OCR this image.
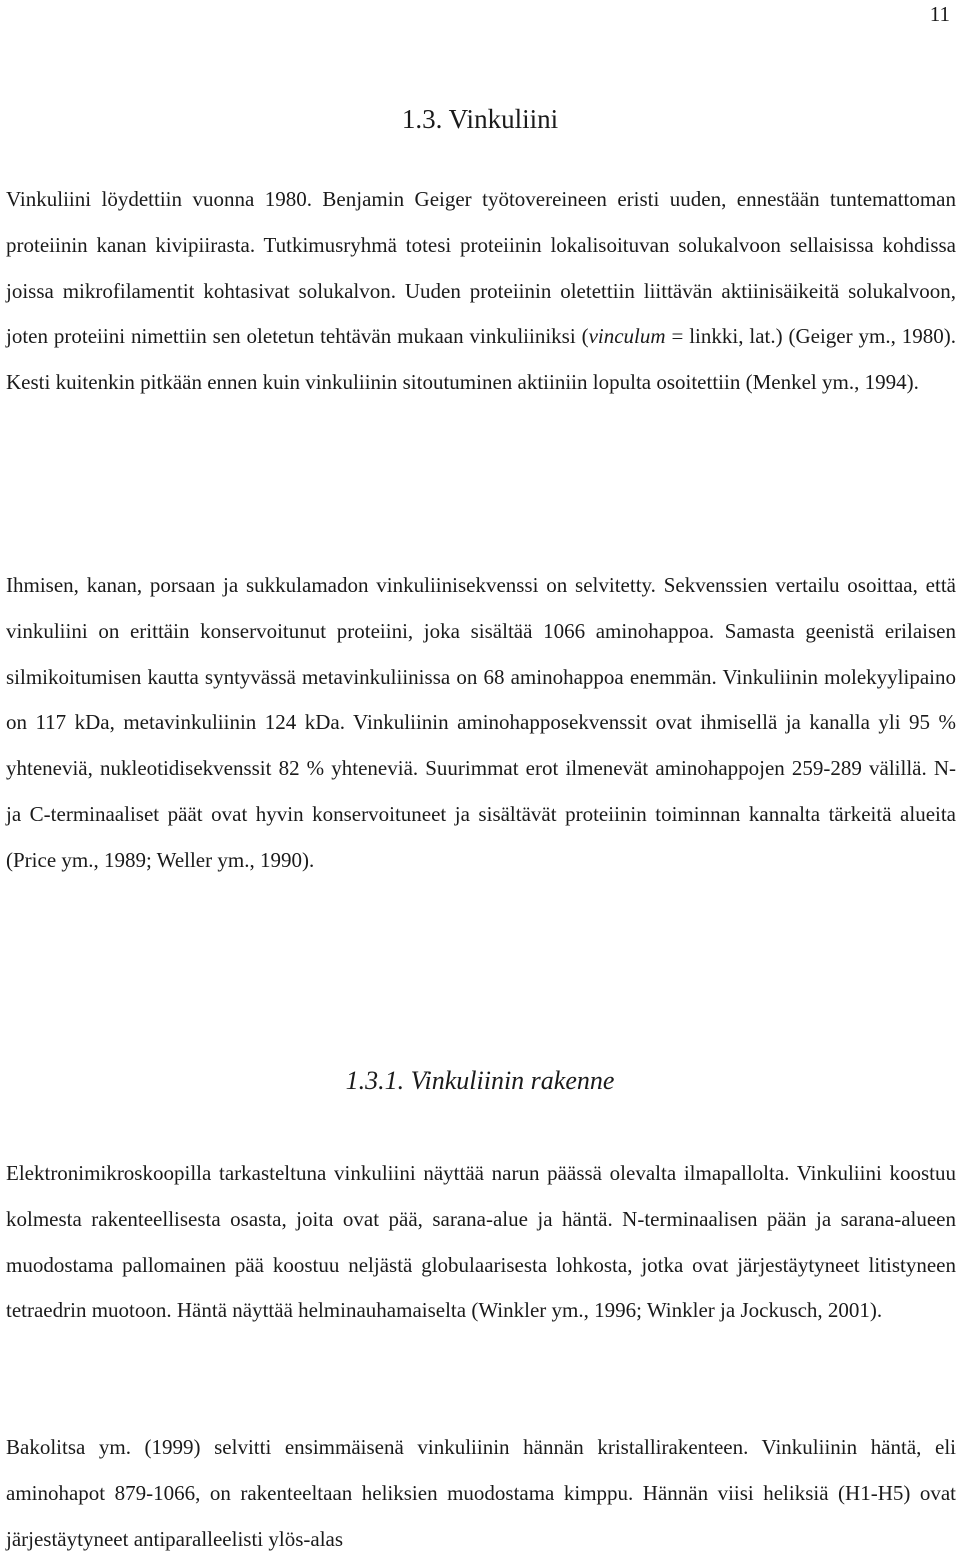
11
1.3. Vinkuliini

Vinkuliini löydettiin vuonna 1980. Benjamin Geiger työtovereineen eristi uuden, ennestään tuntemattoman proteiinin kanan kivipiirasta. Tutkimusryhmä totesi proteiinin lokalisoituvan solukalvoon sellaisissa kohdissa joissa mikrofilamentit kohtasivat solukalvon. Uuden proteiinin oletettiin liittävän aktiinisäikeitä solukalvoon, joten proteiini nimettiin sen oletetun tehtävän mukaan vinkuliiniksi (vinculum = linkki, lat.) (Geiger ym., 1980). Kesti kuitenkin pitkään ennen kuin vinkuliinin sitoutuminen aktiiniin lopulta osoitettiin (Menkel ym., 1994).

Ihmisen, kanan, porsaan ja sukkulamadon vinkuliinisekvenssi on selvitetty. Sekvenssien vertailu osoittaa, että vinkuliini on erittäin konservoitunut proteiini, joka sisältää 1066 aminohappoa. Samasta geenistä erilaisen silmikoitumisen kautta syntyvässä metavinkuliinissa on 68 aminohappoa enemmän. Vinkuliinin molekyylipaino on 117 kDa, metavinkuliinin 124 kDa. Vinkuliinin aminohapposekvenssit ovat ihmisellä ja kanalla yli 95 % yhteneviä, nukleotidisekvenssit 82 % yhteneviä. Suurimmat erot ilmenevät aminohappojen 259-289 välillä. N- ja C-terminaaliset päät ovat hyvin konservoituneet ja sisältävät proteiinin toiminnan kannalta tärkeitä alueita (Price ym., 1989; Weller ym., 1990).

1.3.1. Vinkuliinin rakenne

Elektronimikroskoopilla tarkasteltuna vinkuliini näyttää narun päässä olevalta ilmapallolta. Vinkuliini koostuu kolmesta rakenteellisesta osasta, joita ovat pää, sarana-alue ja häntä. N-terminaalisen pään ja sarana-alueen muodostama pallomainen pää koostuu neljästä globulaarisesta lohkosta, jotka ovat järjestäytyneet litistyneen tetraedrin muotoon. Häntä näyttää helminauhamaiselta (Winkler ym., 1996; Winkler ja Jockusch, 2001).

Bakolitsa ym. (1999) selvitti ensimmäisenä vinkuliinin hännän kristallirakenteen. Vinkuliinin häntä, eli aminohapot 879-1066, on rakenteeltaan heliksien muodostama kimppu. Hännän viisi heliksiä (H1-H5) ovat järjestäytyneet antiparalleelisti ylös-alas
